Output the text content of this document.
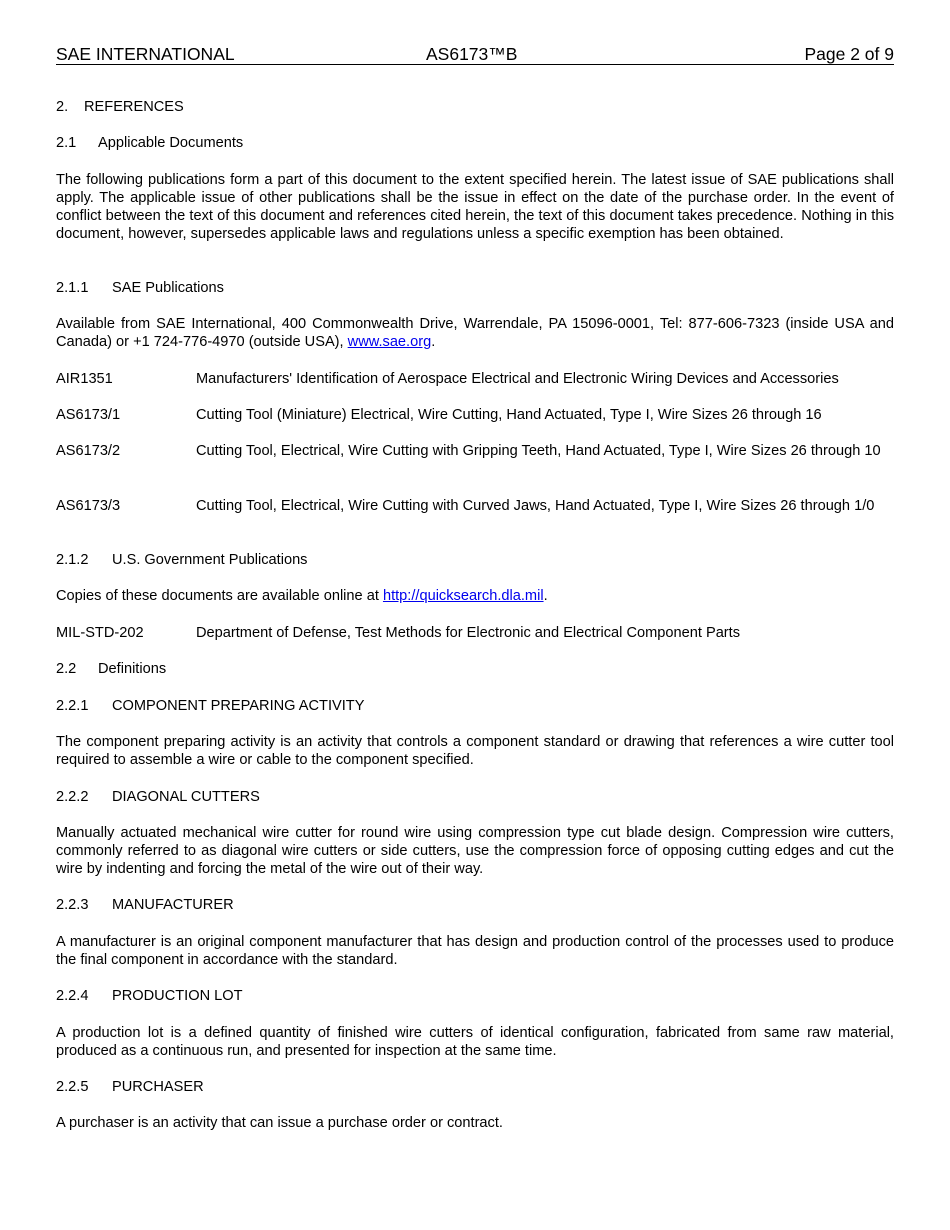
SAE INTERNATIONAL	AS6173™B	Page 2 of 9
2. REFERENCES
2.1 Applicable Documents
The following publications form a part of this document to the extent specified herein. The latest issue of SAE publications shall apply. The applicable issue of other publications shall be the issue in effect on the date of the purchase order. In the event of conflict between the text of this document and references cited herein, the text of this document takes precedence. Nothing in this document, however, supersedes applicable laws and regulations unless a specific exemption has been obtained.
2.1.1 SAE Publications
Available from SAE International, 400 Commonwealth Drive, Warrendale, PA 15096-0001, Tel: 877-606-7323 (inside USA and Canada) or +1 724-776-4970 (outside USA), www.sae.org.
AIR1351	Manufacturers' Identification of Aerospace Electrical and Electronic Wiring Devices and Accessories
AS6173/1	Cutting Tool (Miniature) Electrical, Wire Cutting, Hand Actuated, Type I, Wire Sizes 26 through 16
AS6173/2	Cutting Tool, Electrical, Wire Cutting with Gripping Teeth, Hand Actuated, Type I, Wire Sizes 26 through 10
AS6173/3	Cutting Tool, Electrical, Wire Cutting with Curved Jaws, Hand Actuated, Type I, Wire Sizes 26 through 1/0
2.1.2 U.S. Government Publications
Copies of these documents are available online at http://quicksearch.dla.mil.
MIL-STD-202	Department of Defense, Test Methods for Electronic and Electrical Component Parts
2.2 Definitions
2.2.1 COMPONENT PREPARING ACTIVITY
The component preparing activity is an activity that controls a component standard or drawing that references a wire cutter tool required to assemble a wire or cable to the component specified.
2.2.2 DIAGONAL CUTTERS
Manually actuated mechanical wire cutter for round wire using compression type cut blade design. Compression wire cutters, commonly referred to as diagonal wire cutters or side cutters, use the compression force of opposing cutting edges and cut the wire by indenting and forcing the metal of the wire out of their way.
2.2.3 MANUFACTURER
A manufacturer is an original component manufacturer that has design and production control of the processes used to produce the final component in accordance with the standard.
2.2.4 PRODUCTION LOT
A production lot is a defined quantity of finished wire cutters of identical configuration, fabricated from same raw material, produced as a continuous run, and presented for inspection at the same time.
2.2.5 PURCHASER
A purchaser is an activity that can issue a purchase order or contract.
